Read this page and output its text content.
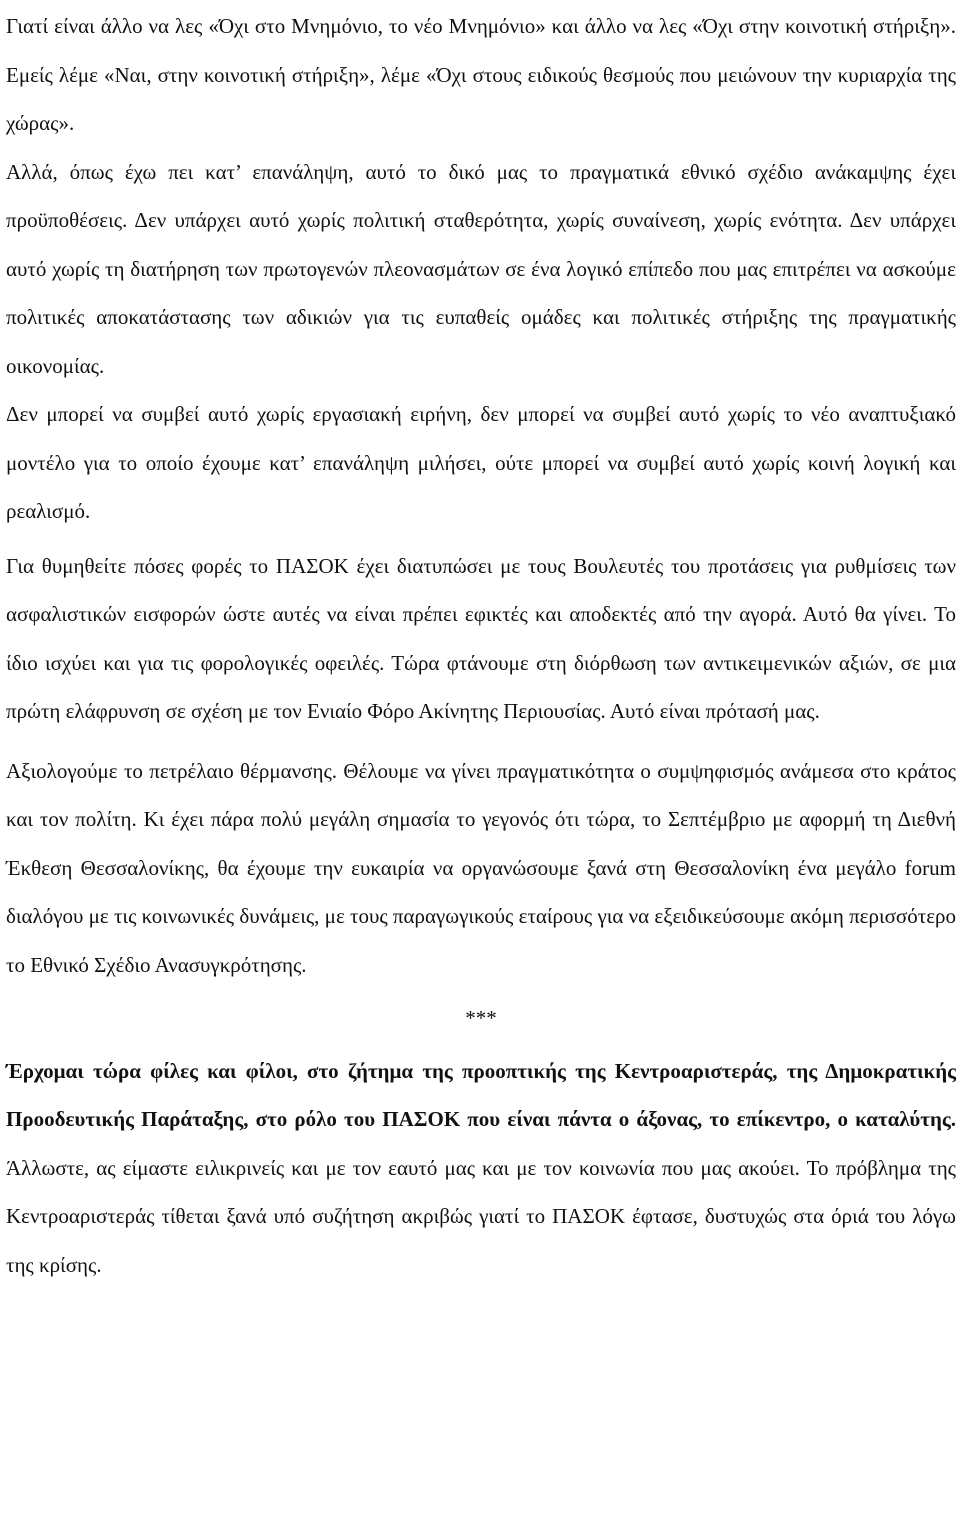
Γιατί είναι άλλο να λες «Όχι στο Μνημόνιο, το νέο Μνημόνιο» και άλλο να λες «Όχι στην κοινοτική στήριξη». Εμείς λέμε «Ναι, στην κοινοτική στήριξη», λέμε «Όχι στους ειδικούς θεσμούς που μειώνουν την κυριαρχία της χώρας».

Αλλά, όπως έχω πει κατ’ επανάληψη, αυτό το δικό μας το πραγματικά εθνικό σχέδιο ανάκαμψης έχει προϋποθέσεις. Δεν υπάρχει αυτό χωρίς πολιτική σταθερότητα, χωρίς συναίνεση, χωρίς ενότητα. Δεν υπάρχει αυτό χωρίς τη διατήρηση των πρωτογενών πλεονασμάτων σε ένα λογικό επίπεδο που μας επιτρέπει να ασκούμε πολιτικές αποκατάστασης των αδικιών για τις ευπαθείς ομάδες και πολιτικές στήριξης της πραγματικής οικονομίας.

Δεν μπορεί να συμβεί αυτό χωρίς εργασιακή ειρήνη, δεν μπορεί να συμβεί αυτό χωρίς το νέο αναπτυξιακό μοντέλο για το οποίο έχουμε κατ’ επανάληψη μιλήσει, ούτε μπορεί να συμβεί αυτό χωρίς κοινή λογική και ρεαλισμό.

Για θυμηθείτε πόσες φορές το ΠΑΣΟΚ έχει διατυπώσει με τους Βουλευτές του προτάσεις για ρυθμίσεις των ασφαλιστικών εισφορών ώστε αυτές να είναι πρέπει εφικτές και αποδεκτές από την αγορά. Αυτό θα γίνει. Το ίδιο ισχύει και για τις φορολογικές οφειλές. Τώρα φτάνουμε στη διόρθωση των αντικειμενικών αξιών, σε μια πρώτη ελάφρυνση σε σχέση με τον Ενιαίο Φόρο Ακίνητης Περιουσίας. Αυτό είναι πρότασή μας.

Αξιολογούμε το πετρέλαιο θέρμανσης. Θέλουμε να γίνει πραγματικότητα ο συμψηφισμός ανάμεσα στο κράτος και τον πολίτη. Κι έχει πάρα πολύ μεγάλη σημασία το γεγονός ότι τώρα, το Σεπτέμβριο με αφορμή τη Διεθνή Έκθεση Θεσσαλονίκης, θα έχουμε την ευκαιρία να οργανώσουμε ξανά στη Θεσσαλονίκη ένα μεγάλο forum διαλόγου με τις κοινωνικές δυνάμεις, με τους παραγωγικούς εταίρους για να εξειδικεύσουμε ακόμη περισσότερο το Εθνικό Σχέδιο Ανασυγκρότησης.

***

Έρχομαι τώρα φίλες και φίλοι, στο ζήτημα της προοπτικής της Κεντροαριστεράς, της Δημοκρατικής Προοδευτικής Παράταξης, στο ρόλο του ΠΑΣΟΚ που είναι πάντα ο άξονας, το επίκεντρο, ο καταλύτης. Άλλωστε, ας είμαστε ειλικρινείς και με τον εαυτό μας και με τον κοινωνία που μας ακούει. Το πρόβλημα της Κεντροαριστεράς τίθεται ξανά υπό συζήτηση ακριβώς γιατί το ΠΑΣΟΚ έφτασε, δυστυχώς στα όριά του λόγω της κρίσης.
